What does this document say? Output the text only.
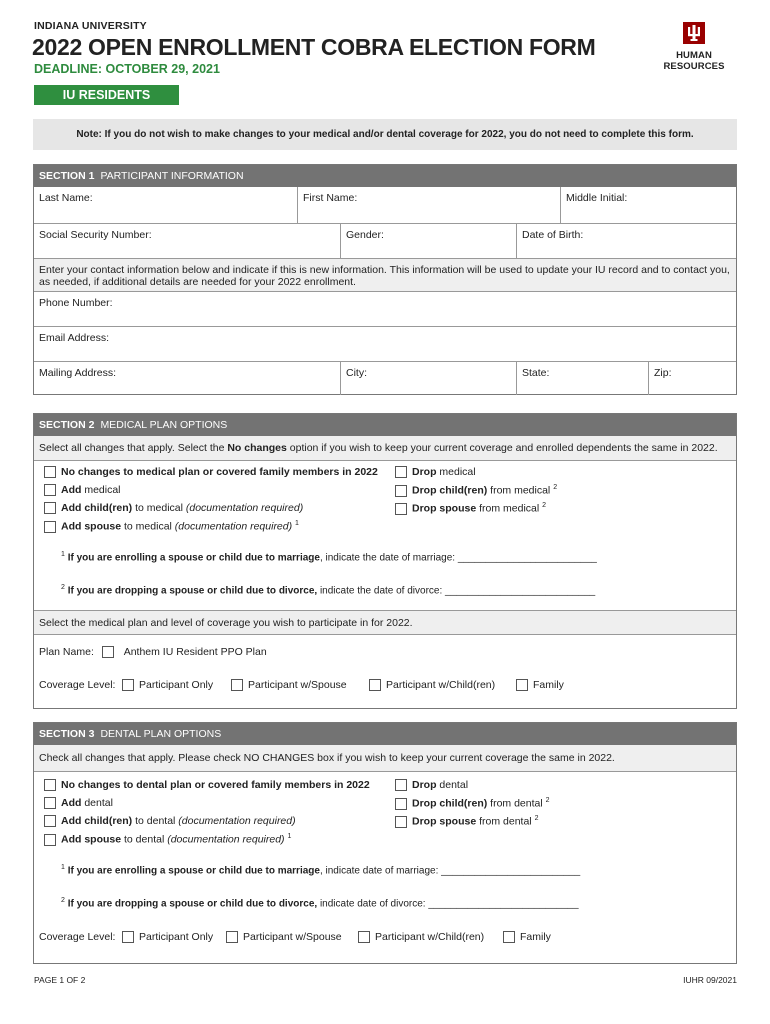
INDIANA UNIVERSITY
2022 OPEN ENROLLMENT COBRA ELECTION FORM
DEADLINE: OCTOBER 29, 2021
IU RESIDENTS
HUMAN RESOURCES
Note: If you do not wish to make changes to your medical and/or dental coverage for 2022, you do not need to complete this form.
SECTION 1 PARTICIPANT INFORMATION
Last Name:	First Name:	Middle Initial:
Social Security Number:	Gender:	Date of Birth:
Enter your contact information below and indicate if this is new information. This information will be used to update your IU record and to contact you, as needed, if additional details are needed for your 2022 enrollment.
Phone Number:
Email Address:
Mailing Address:	City:	State:	Zip:
SECTION 2 MEDICAL PLAN OPTIONS
Select all changes that apply. Select the No changes option if you wish to keep your current coverage and enrolled dependents the same in 2022.
No changes to medical plan or covered family members in 2022
Add medical
Add child(ren) to medical (documentation required)
Add spouse to medical (documentation required) $^1$
Drop medical
Drop child(ren) from medical $^2$
Drop spouse from medical $^2$
$^1$ If you are enrolling a spouse or child due to marriage, indicate the date of marriage: _________________________
$^2$ If you are dropping a spouse or child due to divorce, indicate the date of divorce: ___________________________
Select the medical plan and level of coverage you wish to participate in for 2022.
Plan Name:	Anthem IU Resident PPO Plan
Coverage Level:	Participant Only	Participant w/Spouse	Participant w/Child(ren)	Family
SECTION 3 DENTAL PLAN OPTIONS
Check all changes that apply. Please check NO CHANGES box if you wish to keep your current coverage the same in 2022.
No changes to dental plan or covered family members in 2022
Add dental
Add child(ren) to dental (documentation required)
Add spouse to dental (documentation required) $^1$
Drop dental
Drop child(ren) from dental $^2$
Drop spouse from dental $^2$
$^1$ If you are enrolling a spouse or child due to marriage, indicate date of marriage: _________________________
$^2$ If you are dropping a spouse or child due to divorce, indicate date of divorce: ___________________________
Coverage Level:	Participant Only	Participant w/Spouse	Participant w/Child(ren)	Family
PAGE 1 OF 2	IUHR 09/2021
